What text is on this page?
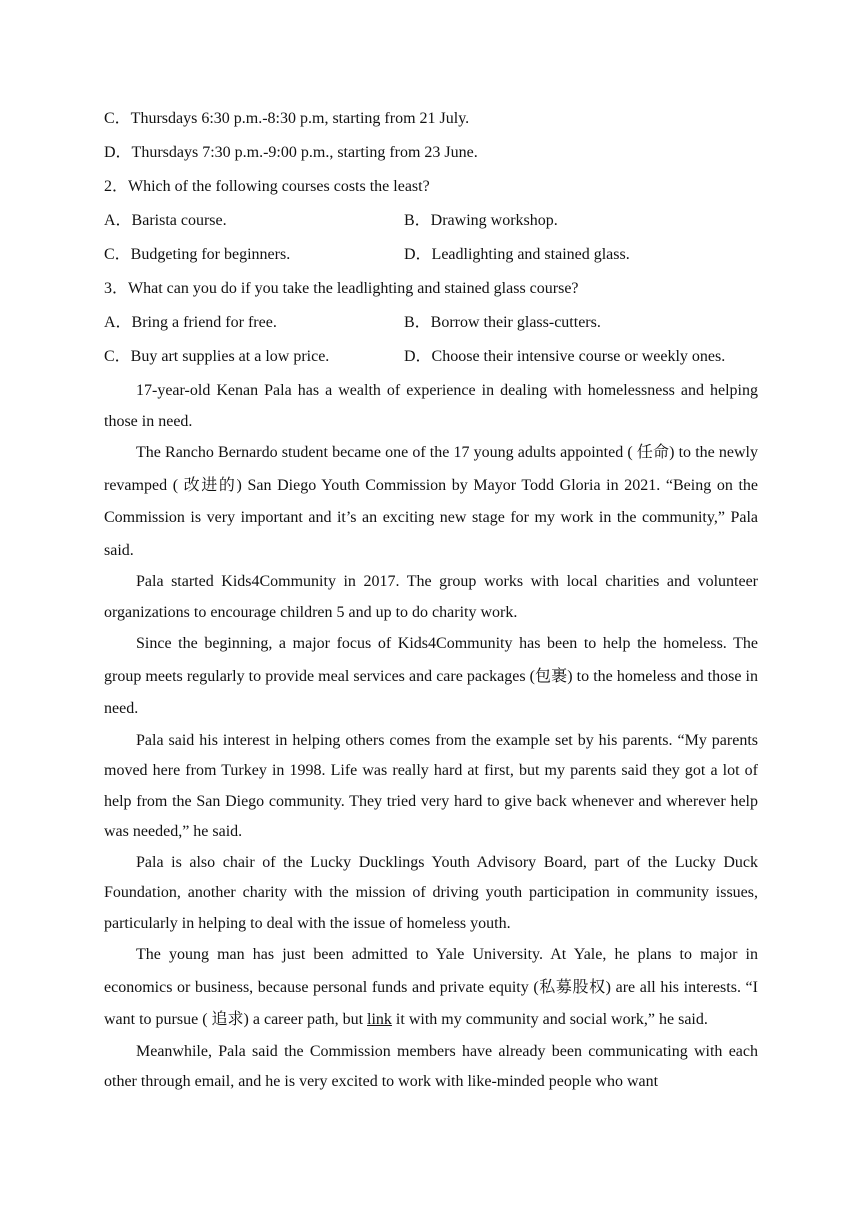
C．Thursdays 6:30 p.m.-8:30 p.m, starting from 21 July.
D．Thursdays 7:30 p.m.-9:00 p.m., starting from 23 June.
2．Which of the following courses costs the least?
A．Barista course.	B．Drawing workshop.
C．Budgeting for beginners.	D．Leadlighting and stained glass.
3．What can you do if you take the leadlighting and stained glass course?
A．Bring a friend for free.	B．Borrow their glass-cutters.
C．Buy art supplies at a low price.	D．Choose their intensive course or weekly ones.

17-year-old Kenan Pala has a wealth of experience in dealing with homelessness and helping those in need.

The Rancho Bernardo student became one of the 17 young adults appointed ( 任命) to the newly revamped ( 改进的) San Diego Youth Commission by Mayor Todd Gloria in 2021. “Being on the Commission is very important and it’s an exciting new stage for my work in the community,” Pala said.

Pala started Kids4Community in 2017. The group works with local charities and volunteer organizations to encourage children 5 and up to do charity work.

Since the beginning, a major focus of Kids4Community has been to help the homeless. The group meets regularly to provide meal services and care packages (包裹) to the homeless and those in need.

Pala said his interest in helping others comes from the example set by his parents. “My parents moved here from Turkey in 1998. Life was really hard at first, but my parents said they got a lot of help from the San Diego community. They tried very hard to give back whenever and wherever help was needed,” he said.

Pala is also chair of the Lucky Ducklings Youth Advisory Board, part of the Lucky Duck Foundation, another charity with the mission of driving youth participation in community issues, particularly in helping to deal with the issue of homeless youth.

The young man has just been admitted to Yale University. At Yale, he plans to major in economics or business, because personal funds and private equity (私募股权) are all his interests. “I want to pursue ( 追求) a career path, but link it with my community and social work,” he said.

Meanwhile, Pala said the Commission members have already been communicating with each other through email, and he is very excited to work with like-minded people who want
